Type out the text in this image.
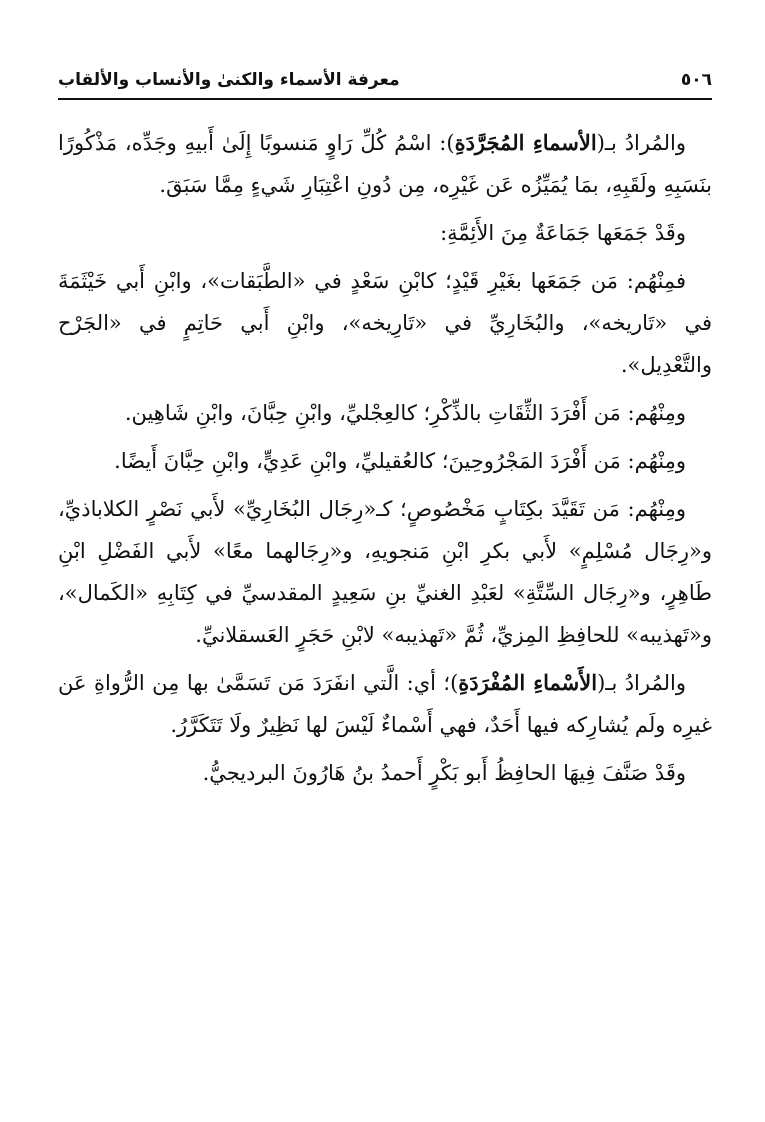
٥٠٦
معرفة الأسماء والكنىٰ والأنساب والألقاب

والمُرادُ بـ(الأسماءِ المُجَرَّدَةِ): اسْمُ كُلِّ رَاوٍ مَنسوبًا إِلَىٰ أَبيهِ وجَدِّه، مَذْكُورًا بنَسَبِهِ ولَقَبِهِ، بمَا يُمَيِّزُه عَن غَيْرِه، مِن دُونِ اعْتِبَارِ شَيءٍ مِمَّا سَبَقَ.

وقَدْ جَمَعَها جَمَاعَةٌ مِنَ الأَئِمَّةِ:

فمِنْهُم: مَن جَمَعَها بغَيْرِ قَيْدٍ؛ كابْنِ سَعْدٍ في «الطَّبَقات»، وابْنِ أَبي خَيْثَمَةَ في «تَاريخه»، والبُخَارِيِّ في «تَارِيخه»، وابْنِ أَبي حَاتِمٍ في «الجَرْح والتَّعْدِيل».

ومِنْهُم: مَن أَفْرَدَ الثِّقَاتِ بالذِّكْرِ؛ كالعِجْليِّ، وابْنِ حِبَّانَ، وابْنِ شَاهِين.

ومِنْهُم: مَن أَفْرَدَ المَجْرُوحِينَ؛ كالعُقيليِّ، وابْنِ عَدِيٍّ، وابْنِ حِبَّانَ أَيضًا.

ومِنْهُم: مَن تَقَيَّدَ بكِتَابٍ مَخْصُوصٍ؛ كـ«رِجَال البُخَارِيِّ» لأَبي نَصْرٍ الكلاباذيِّ، و«رِجَال مُسْلِمٍ» لأَبي بكرِ ابْنِ مَنجويهِ، و«رِجَالهما معًا» لأَبي الفَضْلِ ابْنِ طَاهِرٍ، و«رِجَال السِّتَّةِ» لعَبْدِ الغنيِّ بنِ سَعِيدٍ المقدسيِّ في كِتَابِهِ «الكَمال»، و«تَهذيبه» للحافِظِ المِزيِّ، ثُمَّ «تَهذيبه» لابْنِ حَجَرٍ العَسقلانيِّ.

والمُرادُ بـ(الأَسْماءِ المُفْرَدَةِ)؛ أي: الَّتي انفَرَدَ مَن تَسَمَّىٰ بها مِن الرُّواةِ عَن غيرِه ولَم يُشارِكه فيها أَحَدٌ، فهي أَسْماءٌ لَيْسَ لها نَظِيرٌ ولَا تَتَكَرَّرُ.

وقَدْ صَنَّفَ فِيهَا الحافِظُ أَبو بَكْرٍ أَحمدُ بنُ هَارُونَ البرديجيُّ.
